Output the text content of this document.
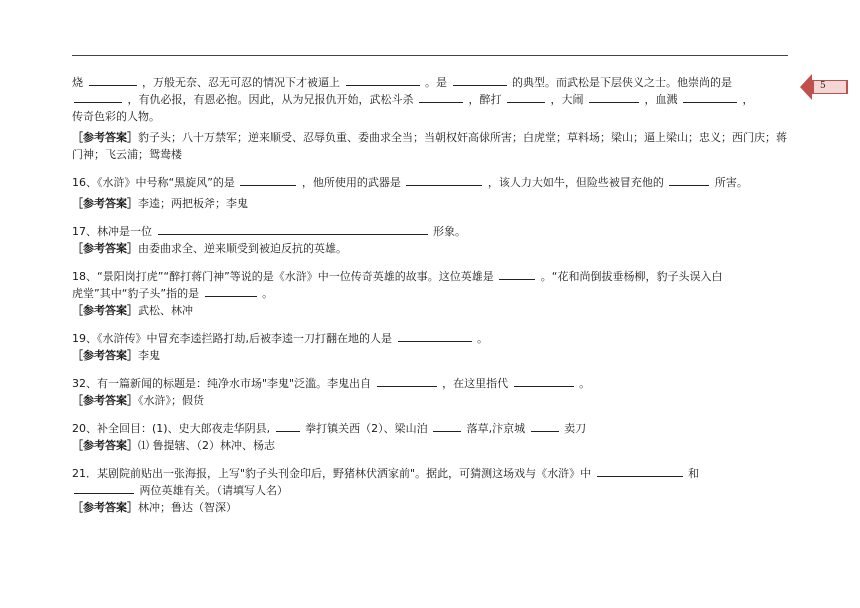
5

烧	，万般无奈、忍无可忍的情况下才被逼上	。是	的典型。而武松是下层侠义之士。他崇尚的是
，有仇必报，有恩必抱。因此，从为兄报仇开始，武松斗杀	，醉打	，大闹	，血溅	，
传奇色彩的人物。

［参考答案］豹子头；八十万禁军；逆来顺受、忍辱负重、委曲求全当；当朝权奸高俅所害；白虎堂；草料场；梁山；逼上梁山；忠义；西门庆；蒋门神；飞云浦；鸳鸯楼

16、《水浒》中号称“黑旋风”的是	，他所使用的武器是	，该人力大如牛，但险些被冒充他的	所害。

［参考答案］李逵；两把板斧；李鬼

17、林冲是一位	形象。

［参考答案］由委曲求全、逆来顺受到被迫反抗的英雄。

18、“景阳岗打虎”“醉打蒋门神”等说的是《水浒》中一位传奇英雄的故事。这位英雄是	。“花和尚倒拔垂杨柳，豹子头误入白
虎堂”其中“豹子头”指的是	。

［参考答案］武松、林冲

19、《水浒传》中冒充李逵拦路打劫,后被李逵一刀打翻在地的人是	。

［参考答案］李鬼

32、有一篇新闻的标题是：纯净水市场"李鬼"泛滥。李鬼出自	，在这里指代	。

［参考答案］《水浒》；假货

20、补全回目：(1)、史大郎夜走华阴县,	拳打镇关西（2）、梁山泊	落草,汴京城	卖刀

［参考答案］⑴ 鲁提辖、（2）林冲、杨志

21．某剧院前贴出一张海报，上写"豹子头刊金印后，野猪林伏洒家前"。据此，可猜测这场戏与《水浒》中	和
两位英雄有关。（请填写人名）

［参考答案］林冲；鲁达（智深）
